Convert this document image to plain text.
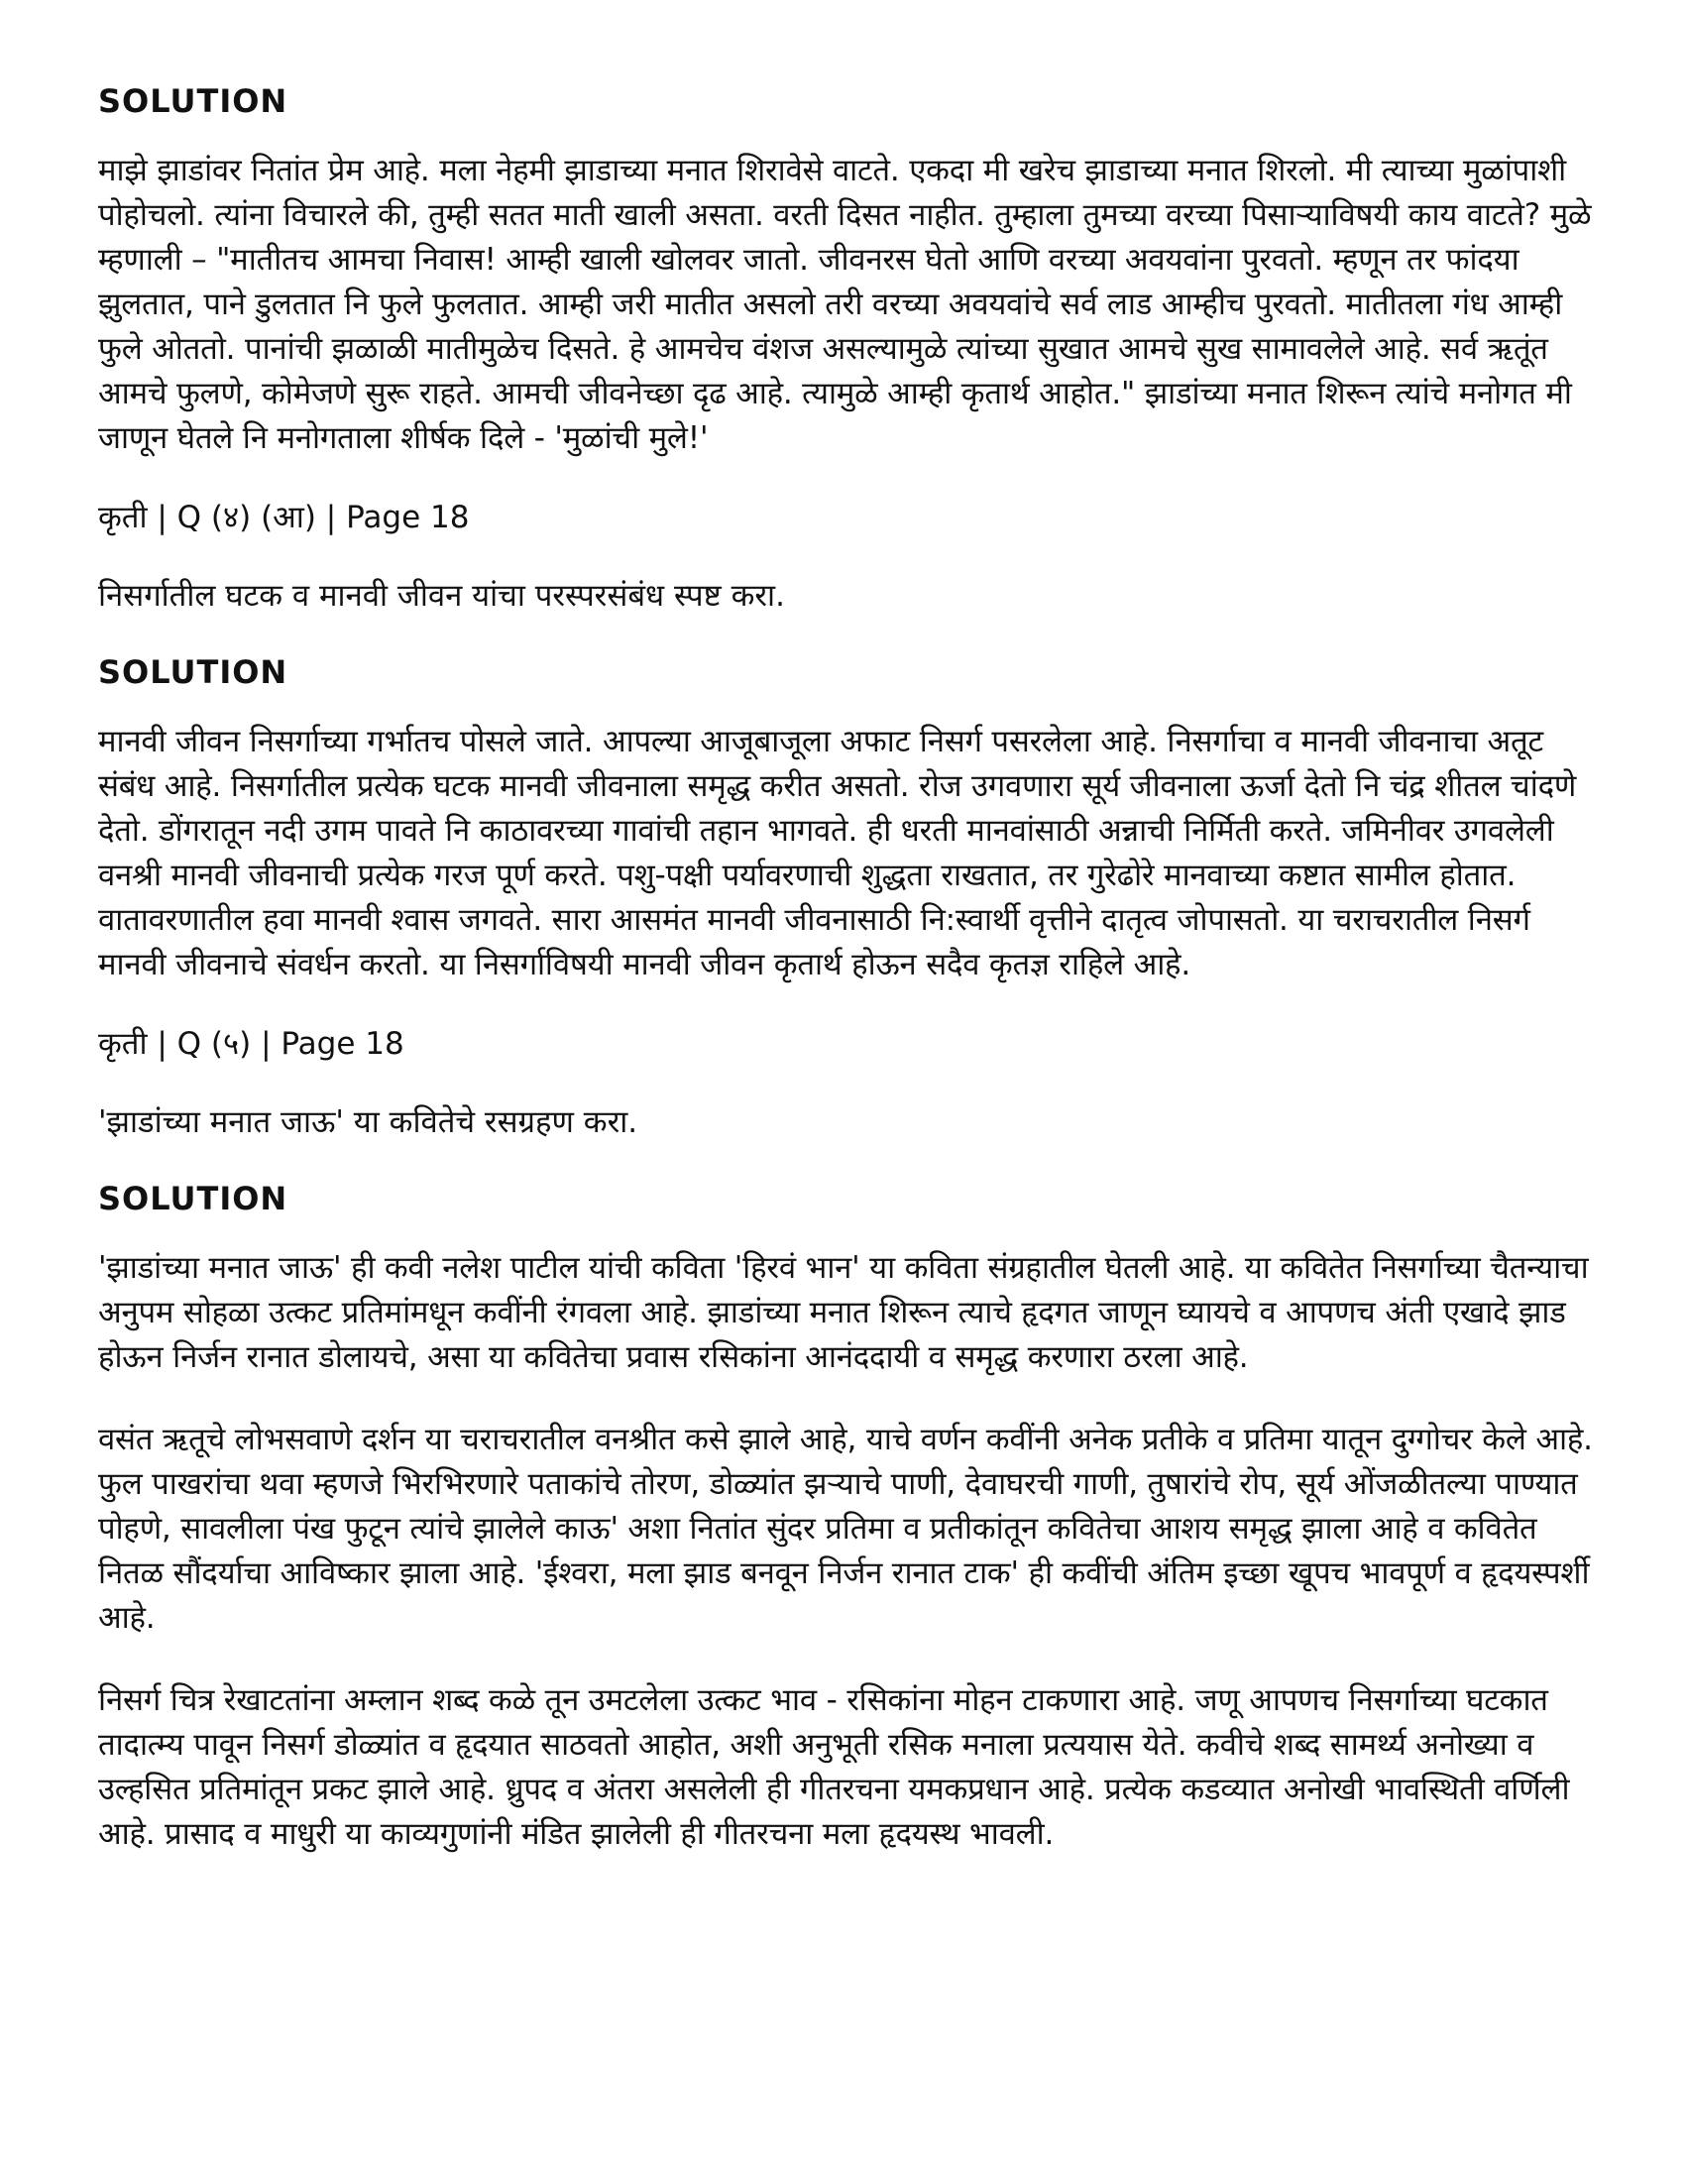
SOLUTION

माझे झाडांवर नितांत प्रेम आहे. मला नेहमी झाडाच्या मनात शिरावेसे वाटते. एकदा मी खरेच झाडाच्या मनात शिरलो. मी त्याच्या मुळांपाशी पोहोचलो. त्यांना विचारले की, तुम्ही सतत माती खाली असता. वरती दिसत नाहीत. तुम्हाला तुमच्या वरच्या पिसाऱ्याविषयी काय वाटते? मुळे म्हणाली – "मातीतच आमचा निवास! आम्ही खाली खोलवर जातो. जीवनरस घेतो आणि वरच्या अवयवांना पुरवतो. म्हणून तर फांदया झुलतात, पाने डुलतात नि फुले फुलतात. आम्ही जरी मातीत असलो तरी वरच्या अवयवांचे सर्व लाड आम्हीच पुरवतो. मातीतला गंध आम्ही फुले ओततो. पानांची झळाळी मातीमुळेच दिसते. हे आमचेच वंशज असल्यामुळे त्यांच्या सुखात आमचे सुख सामावलेले आहे. सर्व ऋतूंत आमचे फुलणे, कोमेजणे सुरू राहते. आमची जीवनेच्छा दृढ आहे. त्यामुळे आम्ही कृतार्थ आहोत." झाडांच्या मनात शिरून त्यांचे मनोगत मी जाणून घेतले नि मनोगताला शीर्षक दिले - 'मुळांची मुले!'

कृती | Q (४) (आ) | Page 18

निसर्गातील घटक व मानवी जीवन यांचा परस्परसंबंध स्पष्ट करा.

SOLUTION

मानवी जीवन निसर्गाच्या गर्भातच पोसले जाते. आपल्या आजूबाजूला अफाट निसर्ग पसरलेला आहे. निसर्गाचा व मानवी जीवनाचा अतूट संबंध आहे. निसर्गातील प्रत्येक घटक मानवी जीवनाला समृद्ध करीत असतो. रोज उगवणारा सूर्य जीवनाला ऊर्जा देतो नि चंद्र शीतल चांदणे देतो. डोंगरातून नदी उगम पावते नि काठावरच्या गावांची तहान भागवते. ही धरती मानवांसाठी अन्नाची निर्मिती करते. जमिनीवर उगवलेली वनश्री मानवी जीवनाची प्रत्येक गरज पूर्ण करते. पशु-पक्षी पर्यावरणाची शुद्धता राखतात, तर गुरेढोरे मानवाच्या कष्टात सामील होतात. वातावरणातील हवा मानवी श्वास जगवते. सारा आसमंत मानवी जीवनासाठी नि:स्वार्थी वृत्तीने दातृत्व जोपासतो. या चराचरातील निसर्ग मानवी जीवनाचे संवर्धन करतो. या निसर्गाविषयी मानवी जीवन कृतार्थ होऊन सदैव कृतज्ञ राहिले आहे.

कृती | Q (५) | Page 18

'झाडांच्या मनात जाऊ' या कवितेचे रसग्रहण करा.

SOLUTION

'झाडांच्या मनात जाऊ' ही कवी नलेश पाटील यांची कविता 'हिरवं भान' या कविता संग्रहातील घेतली आहे. या कवितेत निसर्गाच्या चैतन्याचा अनुपम सोहळा उत्कट प्रतिमांमधून कवींनी रंगवला आहे. झाडांच्या मनात शिरून त्याचे हृदगत जाणून घ्यायचे व आपणच अंती एखादे झाड होऊन निर्जन रानात डोलायचे, असा या कवितेचा प्रवास रसिकांना आनंददायी व समृद्ध करणारा ठरला आहे.

वसंत ऋतूचे लोभसवाणे दर्शन या चराचरातील वनश्रीत कसे झाले आहे, याचे वर्णन कवींनी अनेक प्रतीके व प्रतिमा यातून दुग्गोचर केले आहे. फुल पाखरांचा थवा म्हणजे भिरभिरणारे पताकांचे तोरण, डोळ्यांत झऱ्याचे पाणी, देवाघरची गाणी, तुषारांचे रोप, सूर्य ओंजळीतल्या पाण्यात पोहणे, सावलीला पंख फुटून त्यांचे झालेले काऊ' अशा नितांत सुंदर प्रतिमा व प्रतीकांतून कवितेचा आशय समृद्ध झाला आहे व कवितेत नितळ सौंदर्याचा आविष्कार झाला आहे. 'ईश्वरा, मला झाड बनवून निर्जन रानात टाक' ही कवींची अंतिम इच्छा खूपच भावपूर्ण व हृदयस्पर्शी आहे.

निसर्ग चित्र रेखाटतांना अम्लान शब्द कळे तून उमटलेला उत्कट भाव - रसिकांना मोहन टाकणारा आहे. जणू आपणच निसर्गाच्या घटकात तादात्म्य पावून निसर्ग डोळ्यांत व हृदयात साठवतो आहोत, अशी अनुभूती रसिक मनाला प्रत्ययास येते. कवीचे शब्द सामर्थ्य अनोख्या व उल्हसित प्रतिमांतून प्रकट झाले आहे. ध्रुपद व अंतरा असलेली ही गीतरचना यमकप्रधान आहे. प्रत्येक कडव्यात अनोखी भावस्थिती वर्णिली आहे. प्रासाद व माधुरी या काव्यगुणांनी मंडित झालेली ही गीतरचना मला हृदयस्थ भावली.
